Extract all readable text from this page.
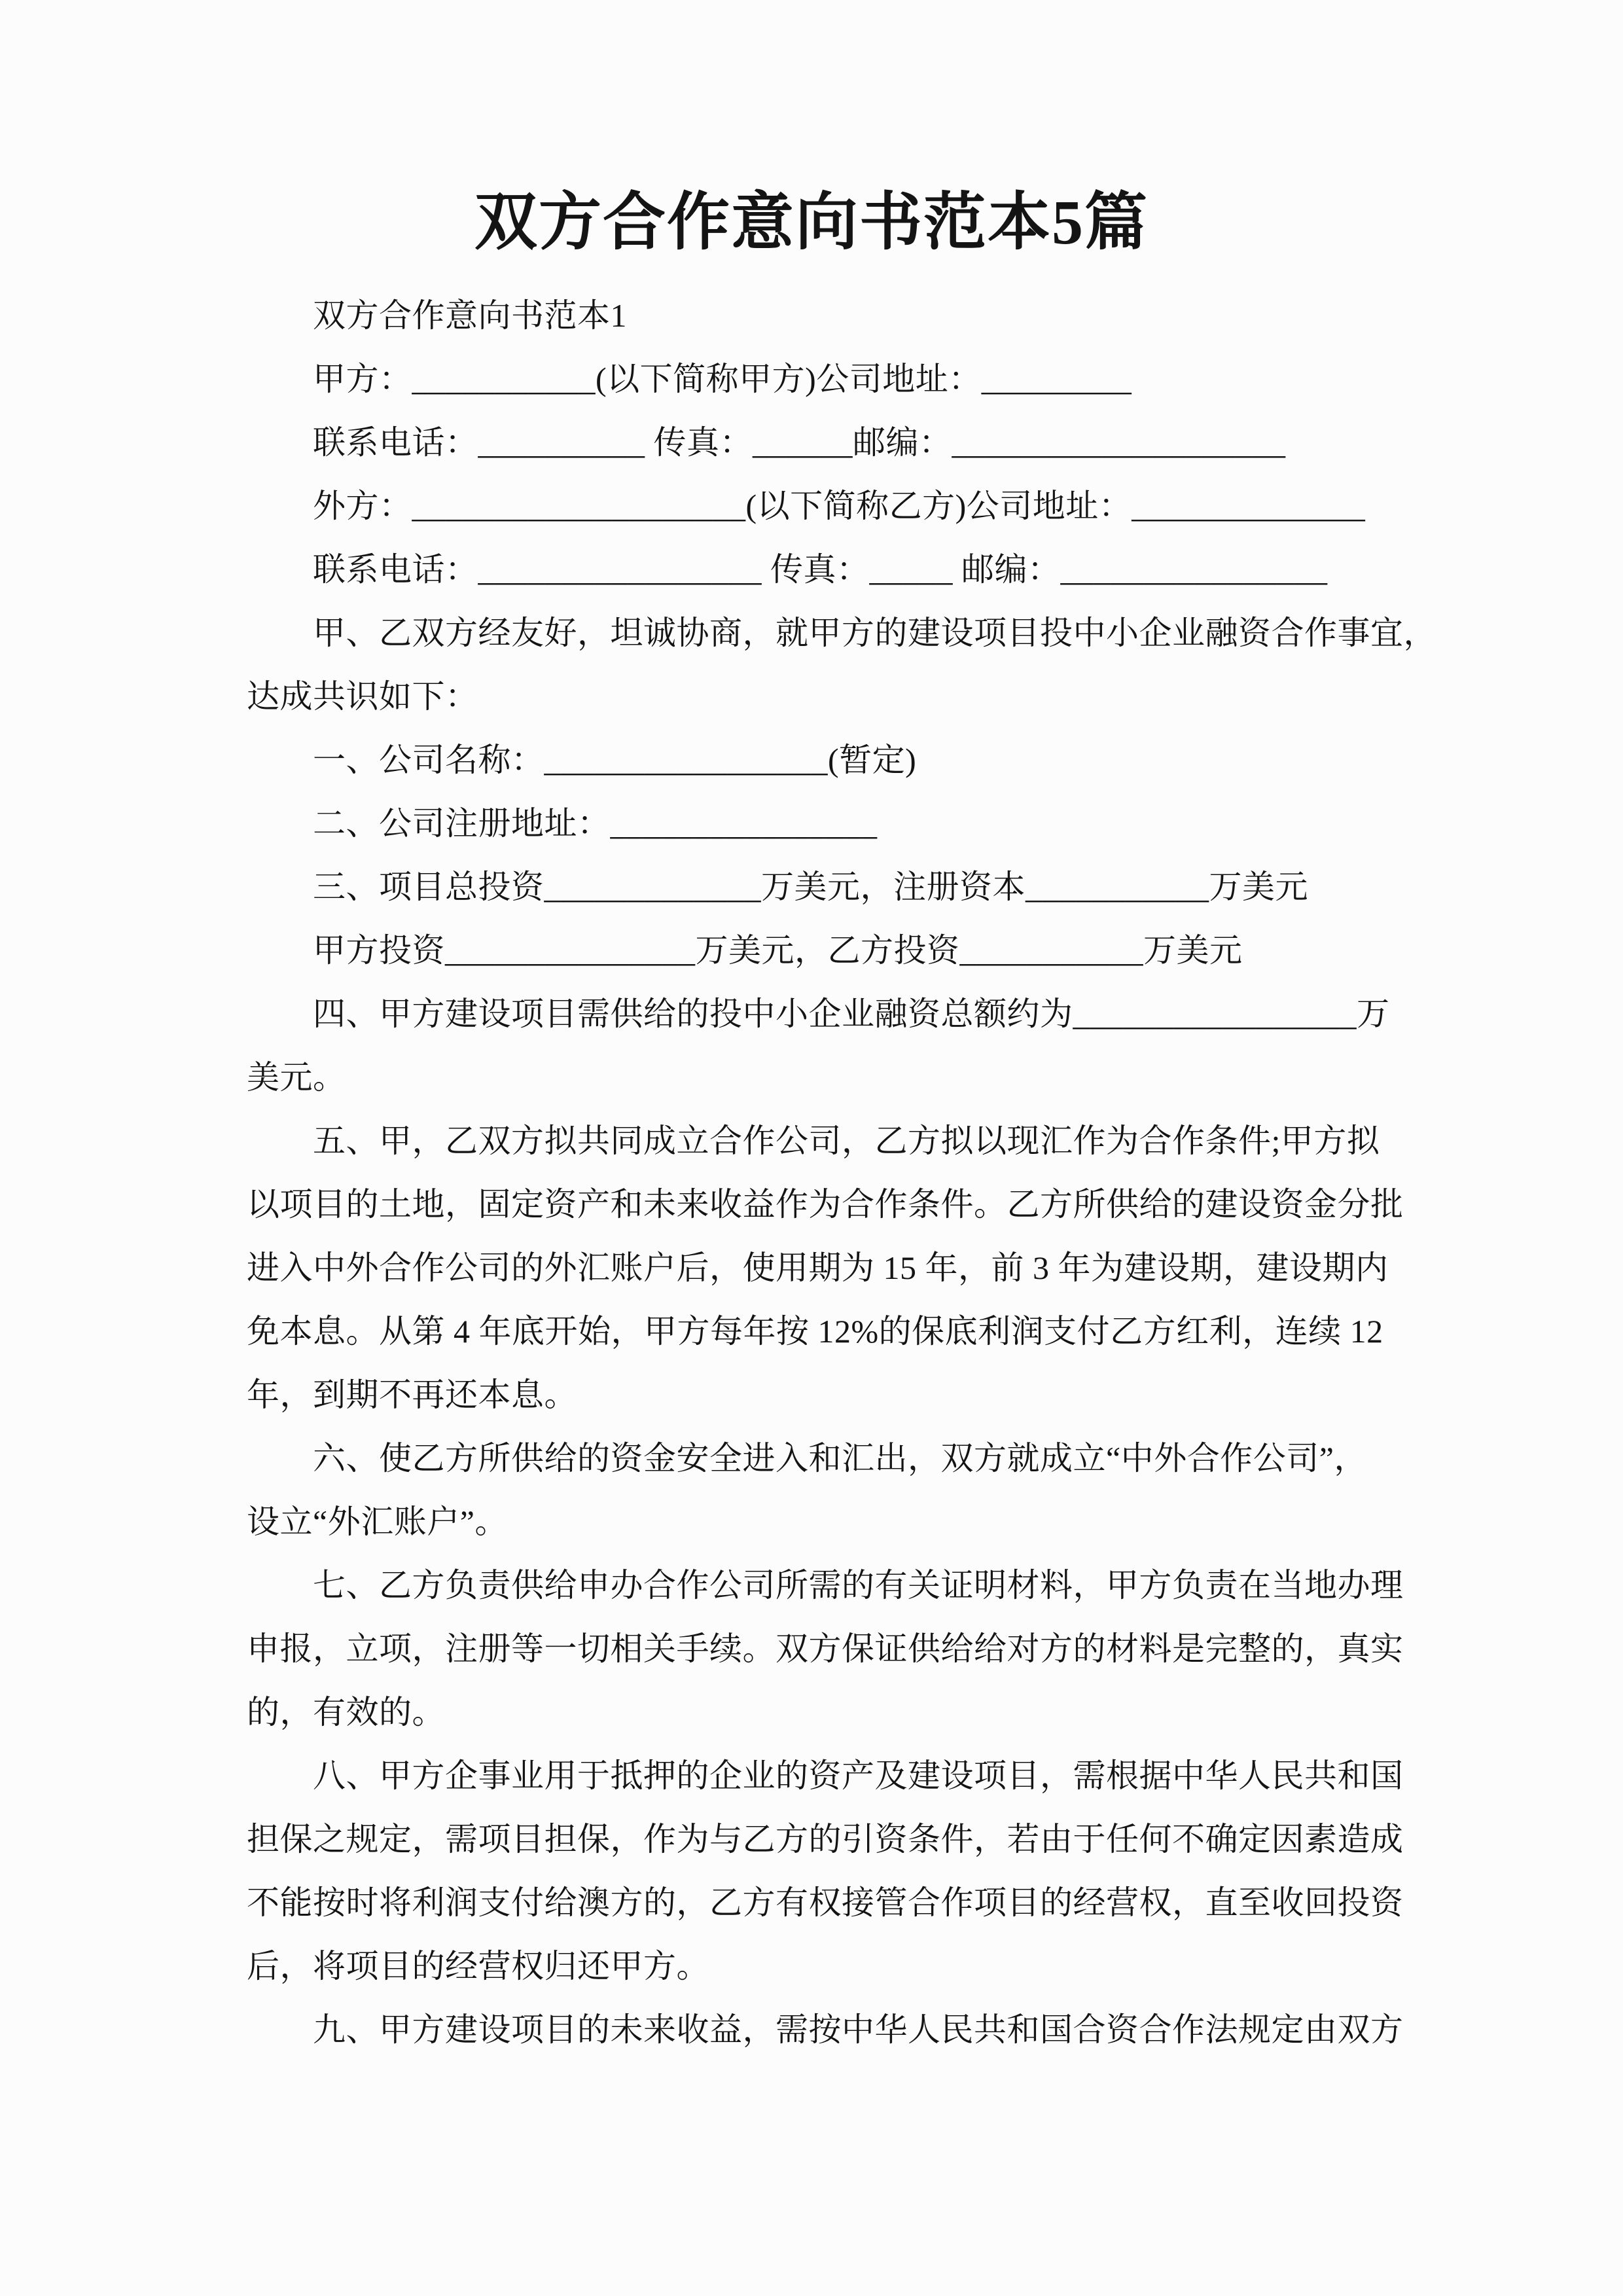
双方合作意向书范本5篇
双方合作意向书范本1
甲方：___________(以下简称甲方)公司地址：_________
联系电话：__________ 传真：______邮编：____________________
外方：____________________(以下简称乙方)公司地址：______________
联系电话：_________________ 传真：_____ 邮编：________________
甲、乙双方经友好，坦诚协商，就甲方的建设项目投中小企业融资合作事宜，
达成共识如下：
一、公司名称：_________________(暂定)
二、公司注册地址：________________
三、项目总投资_____________万美元，注册资本___________万美元
甲方投资_______________万美元，乙方投资___________万美元
四、甲方建设项目需供给的投中小企业融资总额约为_________________万
美元。
五、甲，乙双方拟共同成立合作公司，乙方拟以现汇作为合作条件;甲方拟
以项目的土地，固定资产和未来收益作为合作条件。乙方所供给的建设资金分批
进入中外合作公司的外汇账户后，使用期为 15 年，前 3 年为建设期，建设期内
免本息。从第 4 年底开始，甲方每年按 12%的保底利润支付乙方红利，连续 12
年，到期不再还本息。
六、使乙方所供给的资金安全进入和汇出，双方就成立“中外合作公司”，
设立“外汇账户”。
七、乙方负责供给申办合作公司所需的有关证明材料，甲方负责在当地办理
申报，立项，注册等一切相关手续。双方保证供给给对方的材料是完整的，真实
的，有效的。
八、甲方企事业用于抵押的企业的资产及建设项目，需根据中华人民共和国
担保之规定，需项目担保，作为与乙方的引资条件，若由于任何不确定因素造成
不能按时将利润支付给澳方的，乙方有权接管合作项目的经营权，直至收回投资
后，将项目的经营权归还甲方。
九、甲方建设项目的未来收益，需按中华人民共和国合资合作法规定由双方
